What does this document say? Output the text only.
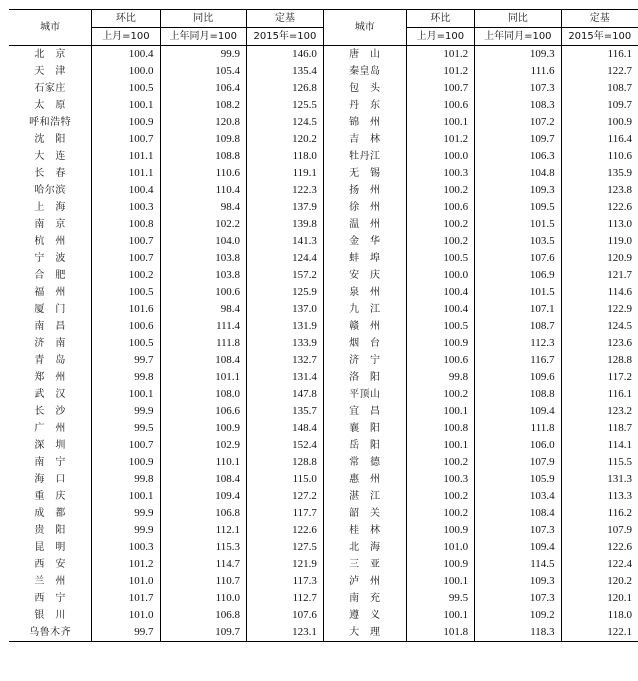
城市	环比	同比	定基	城市	环比	同比	定基
	上月=100	上年同月=100	2015年=100		上月=100	上年同月=100	2015年=100
北　京	100.4	99.9	146.0	唐　山	101.2	109.3	116.1
天　津	100.0	105.4	135.4	秦皇岛	101.2	111.6	122.7
石家庄	100.5	106.4	126.8	包　头	100.7	107.3	108.7
太　原	100.1	108.2	125.5	丹　东	100.6	108.3	109.7
呼和浩特	100.9	120.8	124.5	锦　州	100.1	107.2	100.9
沈　阳	100.7	109.8	120.2	吉　林	101.2	109.7	116.4
大　连	101.1	108.8	118.0	牡丹江	100.0	106.3	110.6
长　春	101.1	110.6	119.1	无　锡	100.3	104.8	135.9
哈尔滨	100.4	110.4	122.3	扬　州	100.2	109.3	123.8
上　海	100.3	98.4	137.9	徐　州	100.6	109.5	122.6
南　京	100.8	102.2	139.8	温　州	100.2	101.5	113.0
杭　州	100.7	104.0	141.3	金　华	100.2	103.5	119.0
宁　波	100.7	103.8	124.4	蚌　埠	100.5	107.6	120.9
合　肥	100.2	103.8	157.2	安　庆	100.0	106.9	121.7
福　州	100.5	100.6	125.9	泉　州	100.4	101.5	114.6
厦　门	101.6	98.4	137.0	九　江	100.4	107.1	122.9
南　昌	100.6	111.4	131.9	赣　州	100.5	108.7	124.5
济　南	100.5	111.8	133.9	烟　台	100.9	112.3	123.6
青　岛	99.7	108.4	132.7	济　宁	100.6	116.7	128.8
郑　州	99.8	101.1	131.4	洛　阳	99.8	109.6	117.2
武　汉	100.1	108.0	147.8	平顶山	100.2	108.8	116.1
长　沙	99.9	106.6	135.7	宜　昌	100.1	109.4	123.2
广　州	99.5	100.9	148.4	襄　阳	100.8	111.8	118.7
深　圳	100.7	102.9	152.4	岳　阳	100.1	106.0	114.1
南　宁	100.9	110.1	128.8	常　德	100.2	107.9	115.5
海　口	99.8	108.4	115.0	惠　州	100.3	105.9	131.3
重　庆	100.1	109.4	127.2	湛　江	100.2	103.4	113.3
成　都	99.9	106.8	117.7	韶　关	100.2	108.4	116.2
贵　阳	99.9	112.1	122.6	桂　林	100.9	107.3	107.9
昆　明	100.3	115.3	127.5	北　海	101.0	109.4	122.6
西　安	101.2	114.7	121.9	三　亚	100.9	114.5	122.4
兰　州	101.0	110.7	117.3	泸　州	100.1	109.3	120.2
西　宁	101.7	110.0	112.7	南　充	99.5	107.3	120.1
银　川	101.0	106.8	107.6	遵　义	100.1	109.2	118.0
乌鲁木齐	99.7	109.7	123.1	大　理	101.8	118.3	122.1
